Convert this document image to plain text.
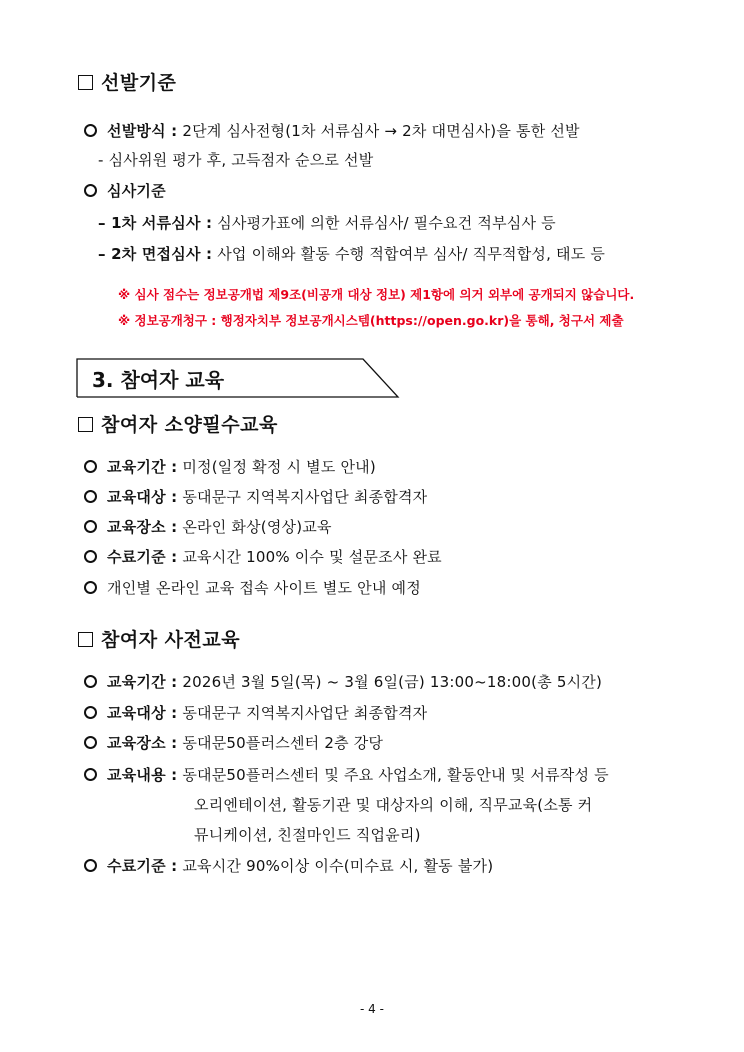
선발기준
선발방식 : 2단계 심사전형(1차 서류심사 → 2차 대면심사)을 통한 선발
- 심사위원 평가 후, 고득점자 순으로 선발
심사기준
– 1차 서류심사 : 심사평가표에 의한 서류심사/ 필수요건 적부심사 등
– 2차 면접심사 : 사업 이해와 활동 수행 적합여부 심사/ 직무적합성, 태도 등
※ 심사 점수는 정보공개법 제9조(비공개 대상 정보) 제1항에 의거 외부에 공개되지 않습니다.
※ 정보공개청구 : 행정자치부 정보공개시스템(https://open.go.kr)을 통해, 청구서 제출
3. 참여자 교육
참여자 소양필수교육
교육기간 : 미정(일정 확정 시 별도 안내)
교육대상 : 동대문구 지역복지사업단 최종합격자
교육장소 : 온라인 화상(영상)교육
수료기준 : 교육시간 100% 이수 및 설문조사 완료
개인별 온라인 교육 접속 사이트 별도 안내 예정
참여자 사전교육
교육기간 : 2026년 3월 5일(목) ~ 3월 6일(금) 13:00~18:00(총 5시간)
교육대상 : 동대문구 지역복지사업단 최종합격자
교육장소 : 동대문50플러스센터 2층 강당
교육내용 : 동대문50플러스센터 및 주요 사업소개, 활동안내 및 서류작성 등
오리엔테이션, 활동기관 및 대상자의 이해, 직무교육(소통 커
뮤니케이션, 친절마인드 직업윤리)
수료기준 : 교육시간 90%이상 이수(미수료 시, 활동 불가)
- 4 -
